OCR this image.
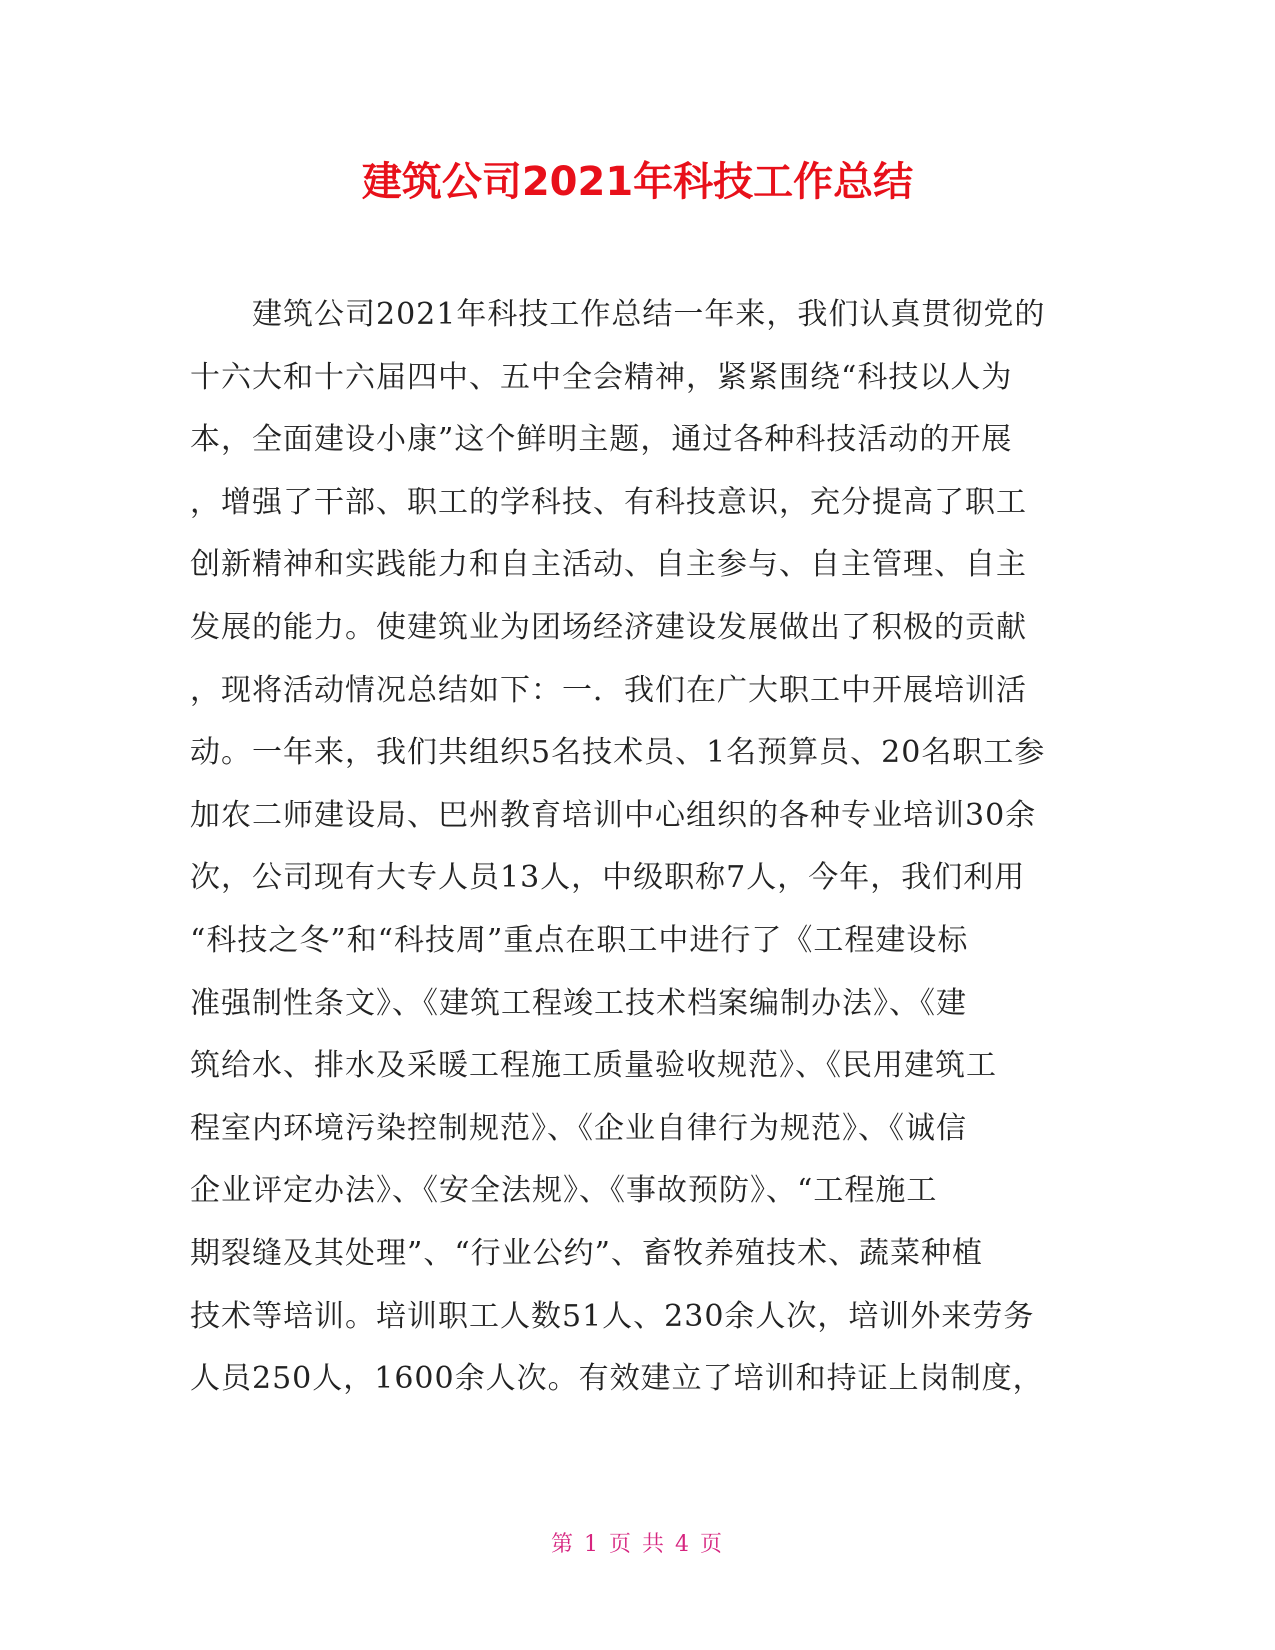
建筑公司2021年科技工作总结
　　建筑公司2021年科技工作总结一年来，我们认真贯彻党的
十六大和十六届四中、五中全会精神，紧紧围绕“科技以人为
本，全面建设小康”这个鲜明主题，通过各种科技活动的开展
，增强了干部、职工的学科技、有科技意识，充分提高了职工
创新精神和实践能力和自主活动、自主参与、自主管理、自主
发展的能力。使建筑业为团场经济建设发展做出了积极的贡献
，现将活动情况总结如下：一．我们在广大职工中开展培训活
动。一年来，我们共组织5名技术员、1名预算员、20名职工参
加农二师建设局、巴州教育培训中心组织的各种专业培训30余
次，公司现有大专人员13人，中级职称7人，今年，我们利用
“科技之冬”和“科技周”重点在职工中进行了《工程建设标
准强制性条文》、《建筑工程竣工技术档案编制办法》、《建
筑给水、排水及采暖工程施工质量验收规范》、《民用建筑工
程室内环境污染控制规范》、《企业自律行为规范》、《诚信
企业评定办法》、《安全法规》、《事故预防》、“工程施工
期裂缝及其处理”、“行业公约”、畜牧养殖技术、蔬菜种植
技术等培训。培训职工人数51人、230余人次，培训外来劳务
人员250人，1600余人次。有效建立了培训和持证上岗制度，
第 1 页 共 4 页
